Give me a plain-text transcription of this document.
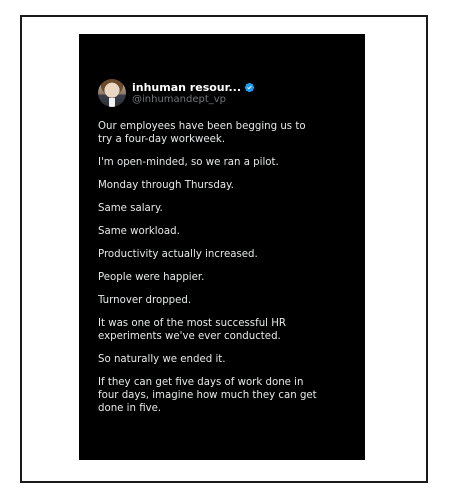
inhuman resour...
@inhumandept_vp

Our employees have been begging us to try a four-day workweek.

I'm open-minded, so we ran a pilot.

Monday through Thursday.

Same salary.

Same workload.

Productivity actually increased.

People were happier.

Turnover dropped.

It was one of the most successful HR experiments we've ever conducted.

So naturally we ended it.

If they can get five days of work done in four days, imagine how much they can get done in five.
